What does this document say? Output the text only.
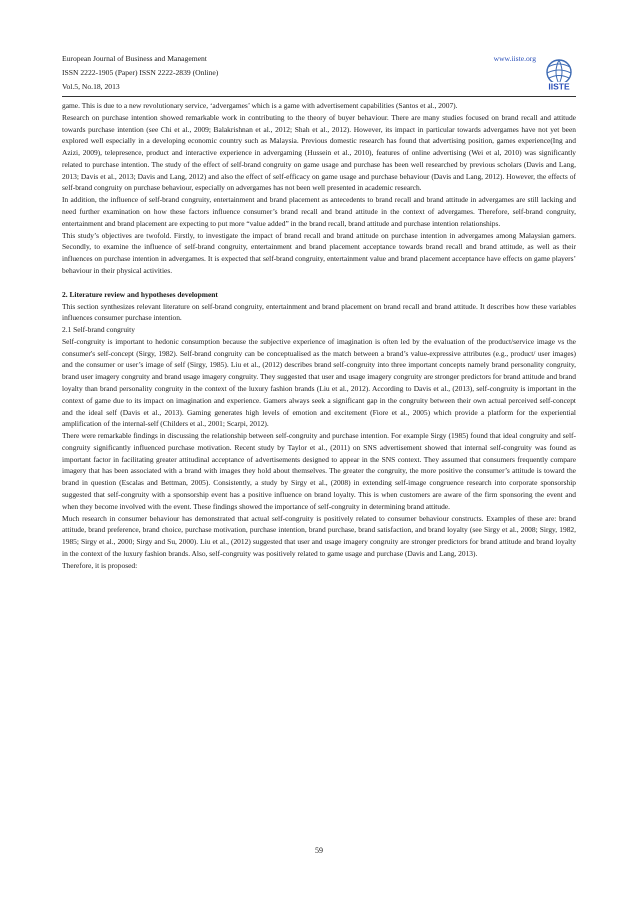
European Journal of Business and Management	www.iiste.org
ISSN 2222-1905 (Paper) ISSN 2222-2839 (Online)
Vol.5, No.18, 2013	IISTE

game. This is due to a new revolutionary service, ‘advergames’ which is a game with advertisement capabilities (Santos et al., 2007).

Research on purchase intention showed remarkable work in contributing to the theory of buyer behaviour. There are many studies focused on brand recall and attitude towards purchase intention (see Chi et al., 2009; Balakrishnan et al., 2012; Shah et al., 2012). However, its impact in particular towards advergames have not yet been explored well especially in a developing economic country such as Malaysia. Previous domestic research has found that advertising position, games experience(Ing and Azizi, 2009), telepresence, product and interactive experience in advergaming (Hussein et al., 2010), features of online advertising (Wei et al, 2010) was significantly related to purchase intention. The study of the effect of self-brand congruity on game usage and purchase has been well researched by previous scholars (Davis and Lang, 2013; Davis et al., 2013; Davis and Lang, 2012) and also the effect of self-efficacy on game usage and purchase behaviour (Davis and Lang, 2012). However, the effects of self-brand congruity on purchase behaviour, especially on advergames has not been well presented in academic research.

In addition, the influence of self-brand congruity, entertainment and brand placement as antecedents to brand recall and brand attitude in advergames are still lacking and need further examination on how these factors influence consumer’s brand recall and brand attitude in the context of advergames. Therefore, self-brand congruity, entertainment and brand placement are expecting to put more “value added” in the brand recall, brand attitude and purchase intention relationships.

This study’s objectives are twofold. Firstly, to investigate the impact of brand recall and brand attitude on purchase intention in advergames among Malaysian gamers. Secondly, to examine the influence of self-brand congruity, entertainment and brand placement acceptance towards brand recall and brand attitude, as well as their influences on purchase intention in advergames. It is expected that self-brand congruity, entertainment value and brand placement acceptance have effects on game players’ behaviour in their physical activities.

2. Literature review and hypotheses development

This section synthesizes relevant literature on self-brand congruity, entertainment and brand placement on brand recall and brand attitude. It describes how these variables influences consumer purchase intention.

2.1 Self-brand congruity

Self-congruity is important to hedonic consumption because the subjective experience of imagination is often led by the evaluation of the product/service image vs the consumer's self-concept (Sirgy, 1982). Self-brand congruity can be conceptualised as the match between a brand’s value-expressive attributes (e.g., product/ user images) and the consumer or user’s image of self (Sirgy, 1985). Liu et al., (2012) describes brand self-congruity into three important concepts namely brand personality congruity, brand user imagery congruity and brand usage imagery congruity. They suggested that user and usage imagery congruity are stronger predictors for brand attitude and brand loyalty than brand personality congruity in the context of the luxury fashion brands (Liu et al., 2012). According to Davis et al., (2013), self-congruity is important in the context of game due to its impact on imagination and experience. Gamers always seek a significant gap in the congruity between their own actual perceived self-concept and the ideal self (Davis et al., 2013). Gaming generates high levels of emotion and excitement (Fiore et al., 2005) which provide a platform for the experiential amplification of the internal-self (Childers et al., 2001; Scarpi, 2012).

There were remarkable findings in discussing the relationship between self-congruity and purchase intention. For example Sirgy (1985) found that ideal congruity and self-congruity significantly influenced purchase motivation. Recent study by Taylor et al., (2011) on SNS advertisement showed that internal self-congruity was found as important factor in facilitating greater attitudinal acceptance of advertisements designed to appear in the SNS context. They assumed that consumers frequently compare imagery that has been associated with a brand with images they hold about themselves. The greater the congruity, the more positive the consumer’s attitude is toward the brand in question (Escalas and Bettman, 2005). Consistently, a study by Sirgy et al., (2008) in extending self-image congruence research into corporate sponsorship suggested that self-congruity with a sponsorship event has a positive influence on brand loyalty. This is when customers are aware of the firm sponsoring the event and when they become involved with the event. These findings showed the importance of self-congruity in determining brand attitude.

Much research in consumer behaviour has demonstrated that actual self-congruity is positively related to consumer behaviour constructs. Examples of these are: brand attitude, brand preference, brand choice, purchase motivation, purchase intention, brand purchase, brand satisfaction, and brand loyalty (see Sirgy et al., 2008; Sirgy, 1982, 1985; Sirgy et al., 2000; Sirgy and Su, 2000). Liu et al., (2012) suggested that user and usage imagery congruity are stronger predictors for brand attitude and brand loyalty in the context of the luxury fashion brands. Also, self-congruity was positively related to game usage and purchase (Davis and Lang, 2013).

Therefore, it is proposed:

59
